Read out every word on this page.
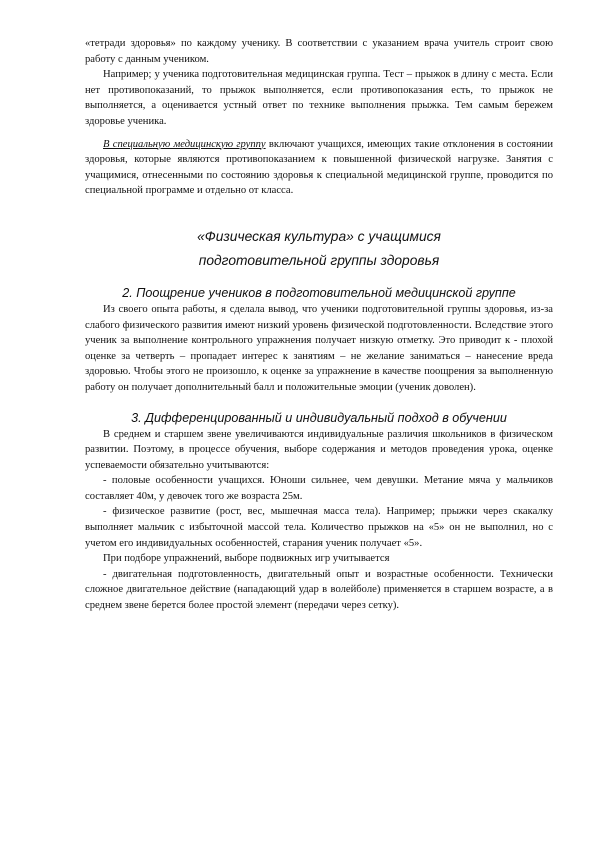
«тетради здоровья» по каждому ученику. В соответствии с указанием врача учитель строит свою работу с данным учеником.

Например; у ученика подготовительная медицинская группа. Тест – прыжок в длину с места. Если нет противопоказаний, то прыжок выполняется, если противопоказания есть, то прыжок не выполняется, а оценивается устный ответ по технике выполнения прыжка. Тем самым бережем здоровье ученика.

В специальную медицинскую группу включают учащихся, имеющих такие отклонения в состоянии здоровья, которые являются противопоказанием к повышенной физической нагрузке. Занятия с учащимися, отнесенными по состоянию здоровья к специальной медицинской группе, проводится по специальной программе и отдельно от класса.

«Физическая культура» с учащимися
подготовительной группы здоровья
2. Поощрение учеников в подготовительной медицинской группе

Из своего опыта работы, я сделала вывод, что ученики подготовительной группы здоровья, из-за слабого физического развития имеют низкий уровень физической подготовленности. Вследствие этого ученик за выполнение контрольного упражнения получает низкую отметку. Это приводит к - плохой оценке за четверть – пропадает интерес к занятиям – не желание заниматься – нанесение вреда здоровью. Чтобы этого не произошло, к оценке за упражнение в качестве поощрения за выполненную работу он получает дополнительный балл и положительные эмоции (ученик доволен).

3. Дифференцированный и индивидуальный подход в обучении

В среднем и старшем звене увеличиваются индивидуальные различия школьников в физическом развитии. Поэтому, в процессе обучения, выборе содержания и методов проведения урока, оценке успеваемости обязательно учитываются:

- половые особенности учащихся. Юноши сильнее, чем девушки. Метание мяча у мальчиков составляет 40м, у девочек того же возраста 25м.

- физическое развитие (рост, вес, мышечная масса тела). Например; прыжки через скакалку выполняет мальчик с избыточной массой тела. Количество прыжков на «5» он не выполнил, но с учетом его индивидуальных особенностей, старания ученик получает «5».

При подборе упражнений, выборе подвижных игр учитывается

- двигательная подготовленность, двигательный опыт и возрастные особенности. Технически сложное двигательное действие (нападающий удар в волейболе) применяется в старшем возрасте, а в среднем звене берется более простой элемент (передачи через сетку).
